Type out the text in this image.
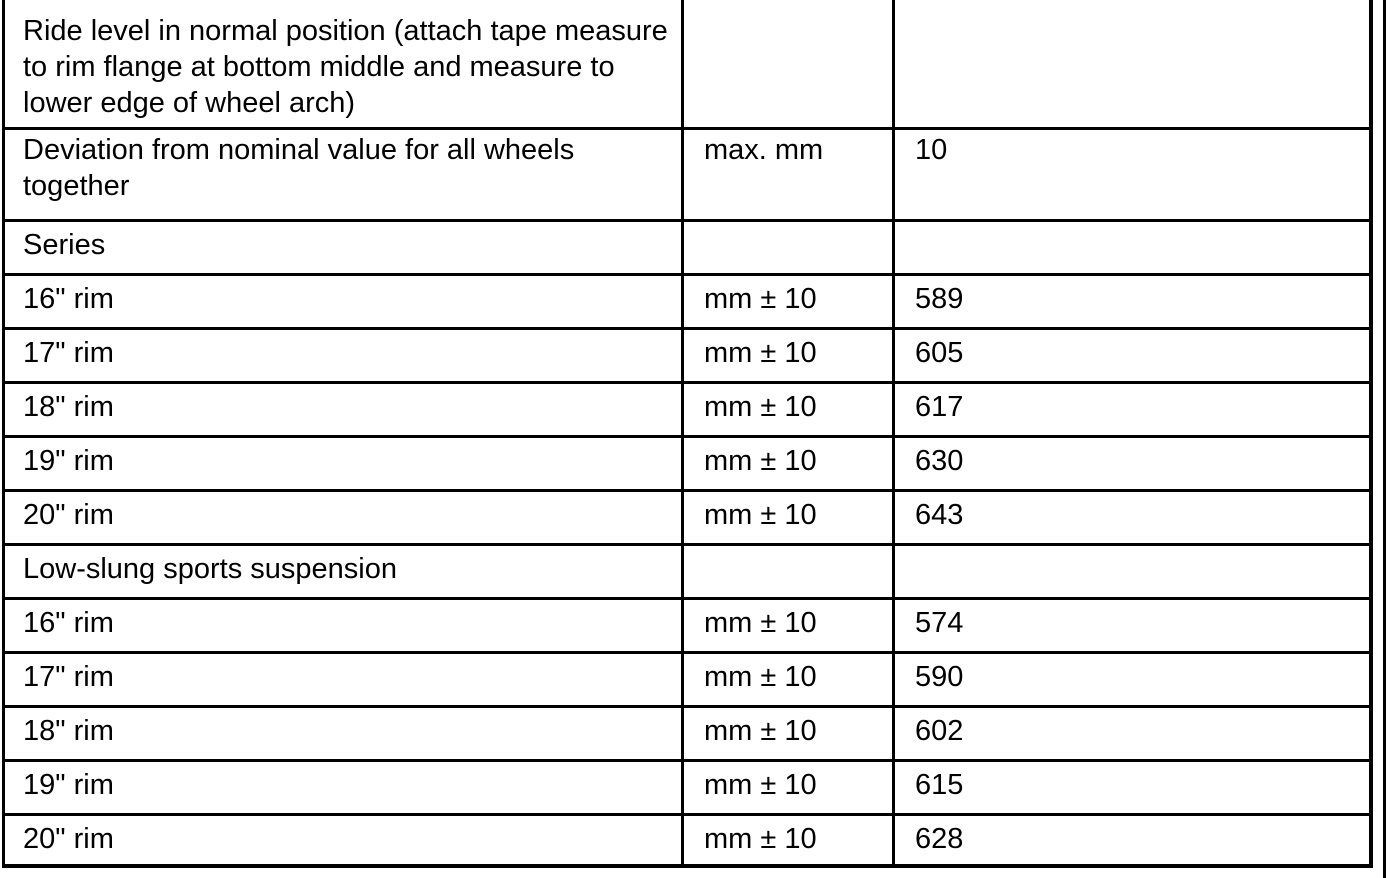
Ride level in normal position (attach tape measure to rim flange at bottom middle and measure to lower edge of wheel arch)		
Deviation from nominal value for all wheels together	max. mm	10
Series		
16" rim	mm ± 10	589
17" rim	mm ± 10	605
18" rim	mm ± 10	617
19" rim	mm ± 10	630
20" rim	mm ± 10	643
Low-slung sports suspension		
16" rim	mm ± 10	574
17" rim	mm ± 10	590
18" rim	mm ± 10	602
19" rim	mm ± 10	615
20" rim	mm ± 10	628
